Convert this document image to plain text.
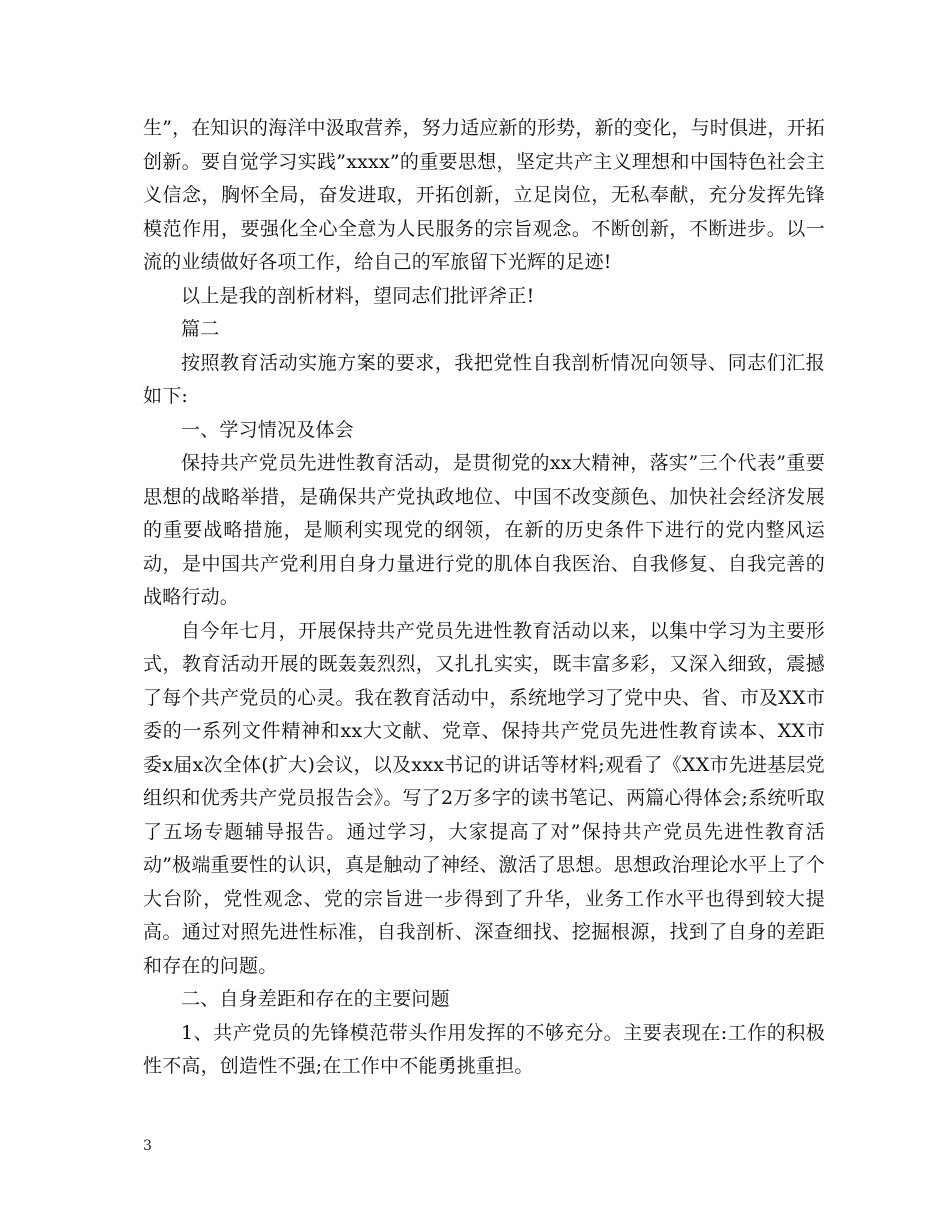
生”，在知识的海洋中汲取营养，努力适应新的形势，新的变化，与时俱进，开拓创新。要自觉学习实践”xxxx”的重要思想，坚定共产主义理想和中国特色社会主义信念，胸怀全局，奋发进取，开拓创新，立足岗位，无私奉献，充分发挥先锋模范作用，要强化全心全意为人民服务的宗旨观念。不断创新，不断进步。以一流的业绩做好各项工作，给自己的军旅留下光辉的足迹!

以上是我的剖析材料，望同志们批评斧正!

篇二

按照教育活动实施方案的要求，我把党性自我剖析情况向领导、同志们汇报如下:

一、学习情况及体会

保持共产党员先进性教育活动，是贯彻党的xx大精神，落实”三个代表”重要思想的战略举措，是确保共产党执政地位、中国不改变颜色、加快社会经济发展的重要战略措施，是顺利实现党的纲领，在新的历史条件下进行的党内整风运动，是中国共产党利用自身力量进行党的肌体自我医治、自我修复、自我完善的战略行动。

自今年七月，开展保持共产党员先进性教育活动以来，以集中学习为主要形式，教育活动开展的既轰轰烈烈，又扎扎实实，既丰富多彩，又深入细致，震撼了每个共产党员的心灵。我在教育活动中，系统地学习了党中央、省、市及XX市委的一系列文件精神和xx大文献、党章、保持共产党员先进性教育读本、XX市委x届x次全体(扩大)会议，以及xxx书记的讲话等材料;观看了《XX市先进基层党组织和优秀共产党员报告会》。写了2万多字的读书笔记、两篇心得体会;系统听取了五场专题辅导报告。通过学习，大家提高了对”保持共产党员先进性教育活动”极端重要性的认识，真是触动了神经、激活了思想。思想政治理论水平上了个大台阶，党性观念、党的宗旨进一步得到了升华，业务工作水平也得到较大提高。通过对照先进性标准，自我剖析、深查细找、挖掘根源，找到了自身的差距和存在的问题。

二、自身差距和存在的主要问题

1、共产党员的先锋模范带头作用发挥的不够充分。主要表现在:工作的积极性不高，创造性不强;在工作中不能勇挑重担。

3
